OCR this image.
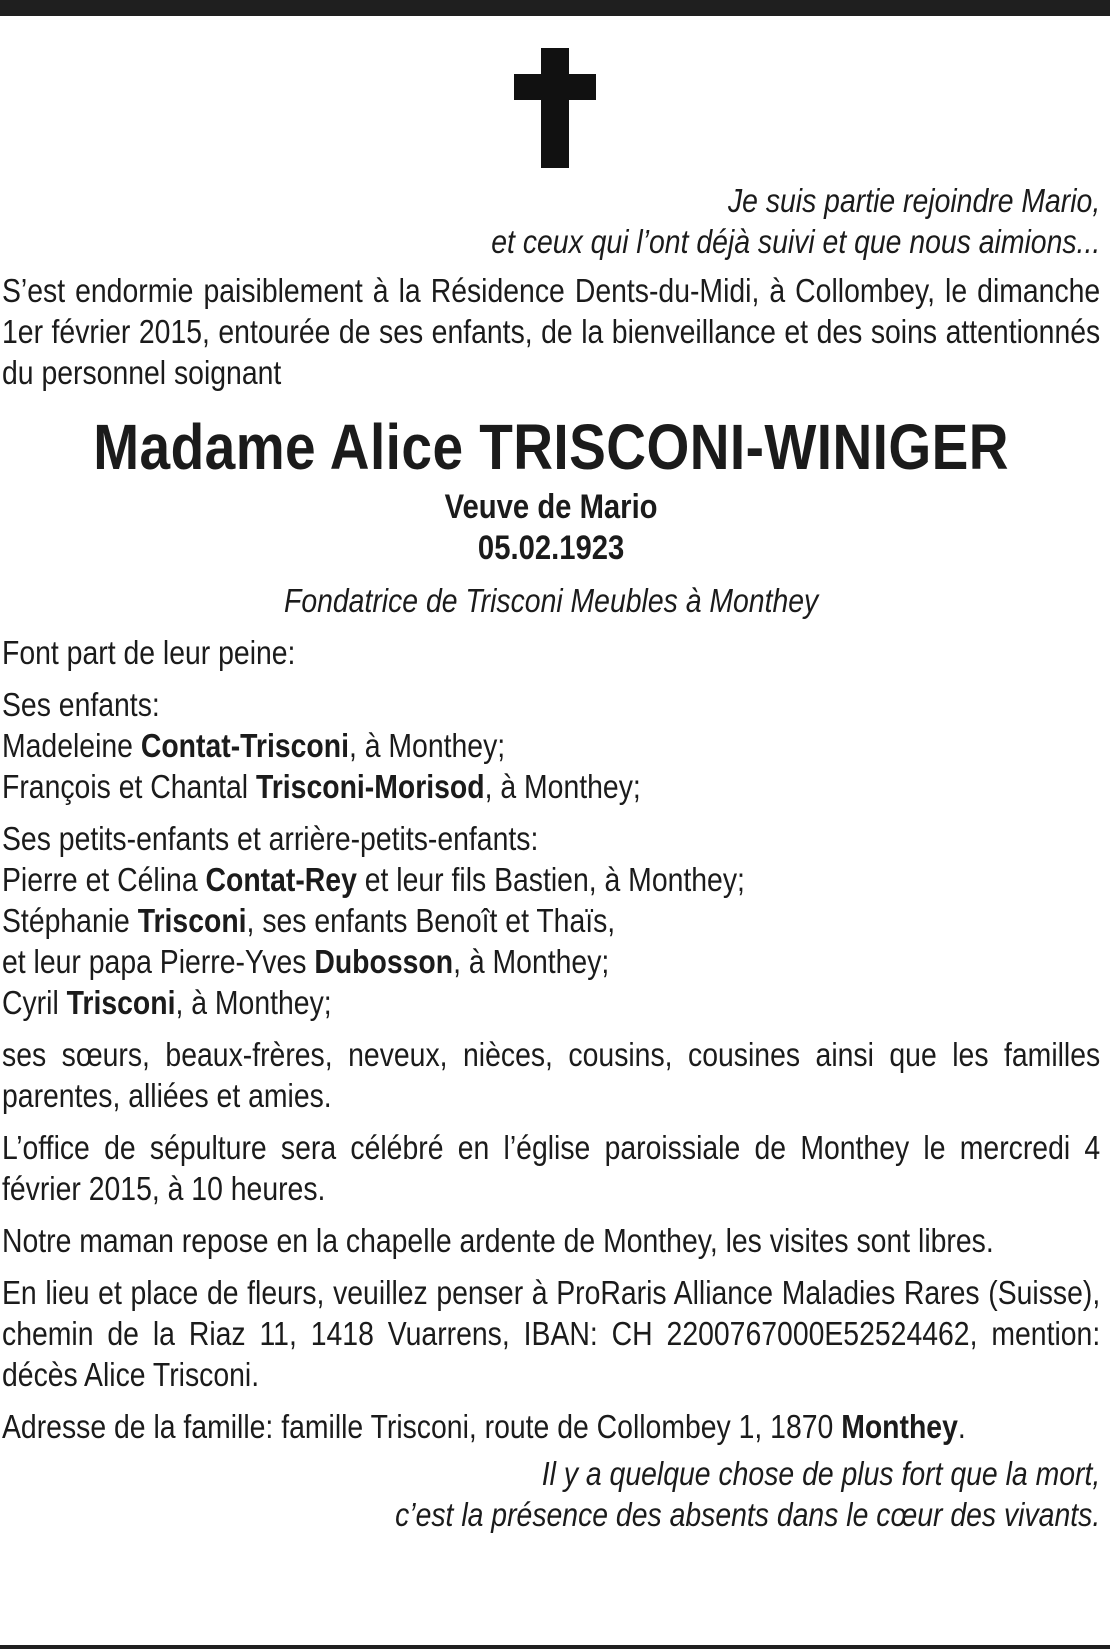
Je suis partie rejoindre Mario,

et ceux qui l’ont déjà suivi et que nous aimions...

S’est endormie paisiblement à la Résidence Dents-du-Midi, à Collombey, le dimanche 1er février 2015, entourée de ses enfants, de la bienveillance et des soins attentionnés du personnel soignant

Madame Alice TRISCONI-WINIGER

Veuve de Mario

05.02.1923

Fondatrice de Trisconi Meubles à Monthey

Font part de leur peine:

Ses enfants:

Madeleine Contat-Trisconi, à Monthey;

François et Chantal Trisconi-Morisod, à Monthey;

Ses petits-enfants et arrière-petits-enfants:

Pierre et Célina Contat-Rey et leur fils Bastien, à Monthey;

Stéphanie Trisconi, ses enfants Benoît et Thaïs,

et leur papa Pierre-Yves Dubosson, à Monthey;

Cyril Trisconi, à Monthey;

ses sœurs, beaux-frères, neveux, nièces, cousins, cousines ainsi que les familles parentes, alliées et amies.

L’office de sépulture sera célébré en l’église paroissiale de Monthey le mercredi 4 février 2015, à 10 heures.

Notre maman repose en la chapelle ardente de Monthey, les visites sont libres.

En lieu et place de fleurs, veuillez penser à ProRaris Alliance Maladies Rares (Suisse), chemin de la Riaz 11, 1418 Vuarrens, IBAN: CH 2200767000E52524462, mention: décès Alice Trisconi.

Adresse de la famille: famille Trisconi, route de Collombey 1, 1870 Monthey.

Il y a quelque chose de plus fort que la mort,

c’est la présence des absents dans le cœur des vivants.
